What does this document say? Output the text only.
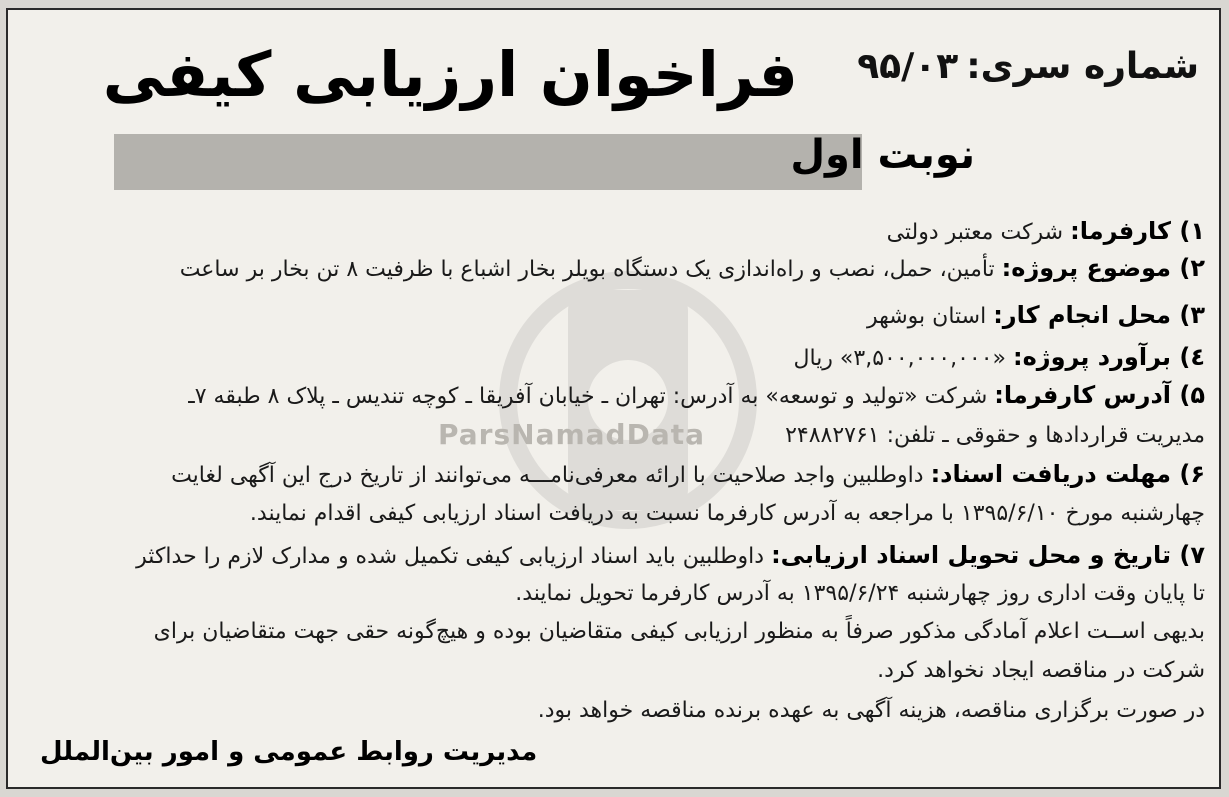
ParsNamadData
شماره سری:۹۵/۰۳
فراخوان ارزیابی کیفی
نوبت اول
۱) کارفرما: شرکت معتبر دولتی
۲) موضوع پروژه: تأمین، حمل، نصب و راه‌اندازی یک دستگاه بویلر بخار اشباع با ظرفیت ۸ تن بخار بر ساعت
۳) محل انجام کار: استان بوشهر
٤) برآورد پروژه: «۳,۵۰۰,۰۰۰,۰۰۰» ریال
۵) آدرس کارفرما: شرکت «تولید و توسعه» به آدرس: تهران ـ خیابان آفریقا ـ کوچه تندیس ـ پلاک ۸ طبقه ۷ـ
مدیریت قراردادها و حقوقی ـ تلفن: ۲۴۸۸۲۷۶۱
۶) مهلت دریافت اسناد: داوطلبین واجد صلاحیت با ارائه معرفی‌نامـــه می‌توانند از تاریخ درج این آگهی لغایت
چهارشنبه مورخ ۱۳۹۵/۶/۱۰ با مراجعه به آدرس کارفرما نسبت به دریافت اسناد ارزیابی کیفی اقدام نمایند.
۷) تاریخ و محل تحویل اسناد ارزیابی: داوطلبین باید اسناد ارزیابی کیفی تکمیل شده و مدارک لازم را حداکثر
تا پایان وقت اداری روز چهارشنبه ۱۳۹۵/۶/۲۴ به آدرس کارفرما تحویل نمایند.
بدیهی اســت اعلام آمادگی مذکور صرفاً به منظور ارزیابی کیفی متقاضیان بوده و هیچ‌گونه حقی جهت متقاضیان برای
شرکت در مناقصه ایجاد نخواهد کرد.
در صورت برگزاری مناقصه، هزینه آگهی به عهده برنده مناقصه خواهد بود.
مدیریت روابط عمومی و امور بین‌الملل
